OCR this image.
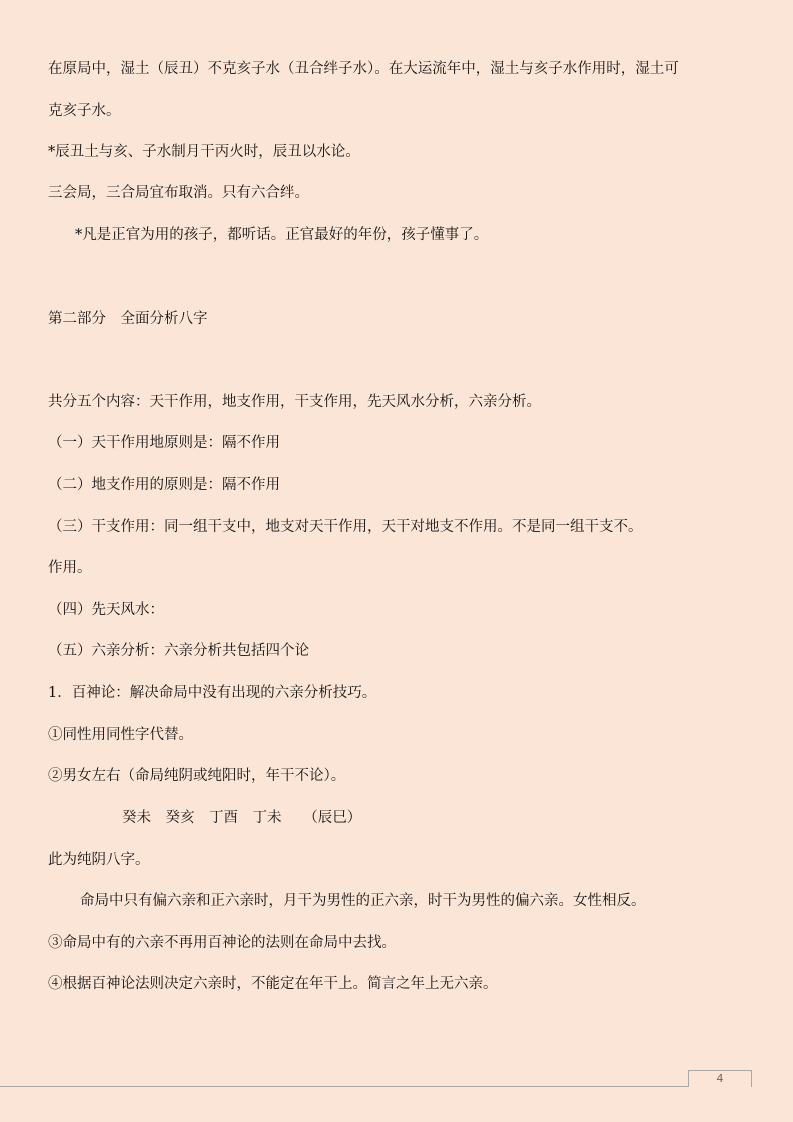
在原局中，湿土（辰丑）不克亥子水（丑合绊子水）。在大运流年中，湿土与亥子水作用时，湿土可
克亥子水。
*辰丑土与亥、子水制月干丙火时，辰丑以水论。
三会局，三合局宜布取消。只有六合绊。
*凡是正官为用的孩子，都听话。正官最好的年份，孩子懂事了。
第二部分　全面分析八字
共分五个内容：天干作用，地支作用，干支作用，先天风水分析，六亲分析。
（一）天干作用地原则是：隔不作用
（二）地支作用的原则是：隔不作用
（三）干支作用：同一组干支中，地支对天干作用，天干对地支不作用。不是同一组干支不。
作用。
（四）先天风水：
（五）六亲分析：六亲分析共包括四个论
1．百神论：解决命局中没有出现的六亲分析技巧。
①同性用同性字代替。
②男女左右（命局纯阴或纯阳时，年干不论）。
癸未　癸亥　丁酉　丁未　　（辰巳）
此为纯阴八字。
命局中只有偏六亲和正六亲时，月干为男性的正六亲，时干为男性的偏六亲。女性相反。
③命局中有的六亲不再用百神论的法则在命局中去找。
④根据百神论法则决定六亲时，不能定在年干上。简言之年上无六亲。
4
